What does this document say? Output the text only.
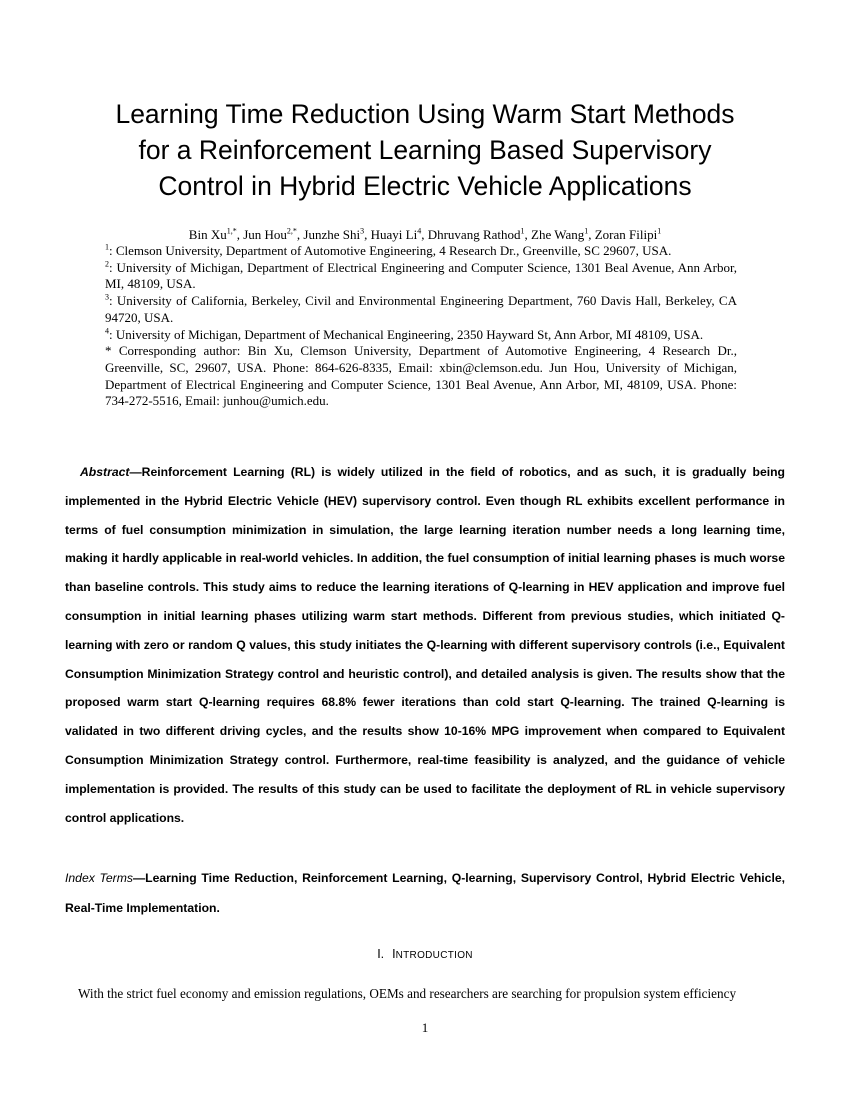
Learning Time Reduction Using Warm Start Methods
for a Reinforcement Learning Based Supervisory
Control in Hybrid Electric Vehicle Applications
Bin $Xu^{1,*}$, Jun Hou$^{2,*}$, Junzhe Shi$^3$, Huayi Li$^4$, Dhruvang Rathod$^1$, Zhe Wang$^1$, Zoran Filipi$^1$
$^1$: Clemson University, Department of Automotive Engineering, 4 Research Dr., Greenville, SC 29607, USA.
$^2$: University of Michigan, Department of Electrical Engineering and Computer Science, 1301 Beal Avenue, Ann Arbor, MI, 48109, USA.
$^3$: University of California, Berkeley, Civil and Environmental Engineering Department, 760 Davis Hall, Berkeley, CA 94720, USA.
$^4$: University of Michigan, Department of Mechanical Engineering, 2350 Hayward St, Ann Arbor, MI 48109, USA.
* Corresponding author: Bin Xu, Clemson University, Department of Automotive Engineering, 4 Research Dr., Greenville, SC, 29607, USA. Phone: 864-626-8335, Email: xbin@clemson.edu. Jun Hou, University of Michigan, Department of Electrical Engineering and Computer Science, 1301 Beal Avenue, Ann Arbor, MI, 48109, USA. Phone: 734-272-5516, Email: junhou@umich.edu.
Abstract—Reinforcement Learning (RL) is widely utilized in the field of robotics, and as such, it is gradually being implemented in the Hybrid Electric Vehicle (HEV) supervisory control. Even though RL exhibits excellent performance in terms of fuel consumption minimization in simulation, the large learning iteration number needs a long learning time, making it hardly applicable in real-world vehicles. In addition, the fuel consumption of initial learning phases is much worse than baseline controls. This study aims to reduce the learning iterations of Q-learning in HEV application and improve fuel consumption in initial learning phases utilizing warm start methods. Different from previous studies, which initiated Q-learning with zero or random Q values, this study initiates the Q-learning with different supervisory controls (i.e., Equivalent Consumption Minimization Strategy control and heuristic control), and detailed analysis is given. The results show that the proposed warm start Q-learning requires 68.8% fewer iterations than cold start Q-learning. The trained Q-learning is validated in two different driving cycles, and the results show 10-16% MPG improvement when compared to Equivalent Consumption Minimization Strategy control. Furthermore, real-time feasibility is analyzed, and the guidance of vehicle implementation is provided. The results of this study can be used to facilitate the deployment of RL in vehicle supervisory control applications.
Index Terms—Learning Time Reduction, Reinforcement Learning, Q-learning, Supervisory Control, Hybrid Electric Vehicle, Real-Time Implementation.
I. INTRODUCTION
With the strict fuel economy and emission regulations, OEMs and researchers are searching for propulsion system efficiency
1
